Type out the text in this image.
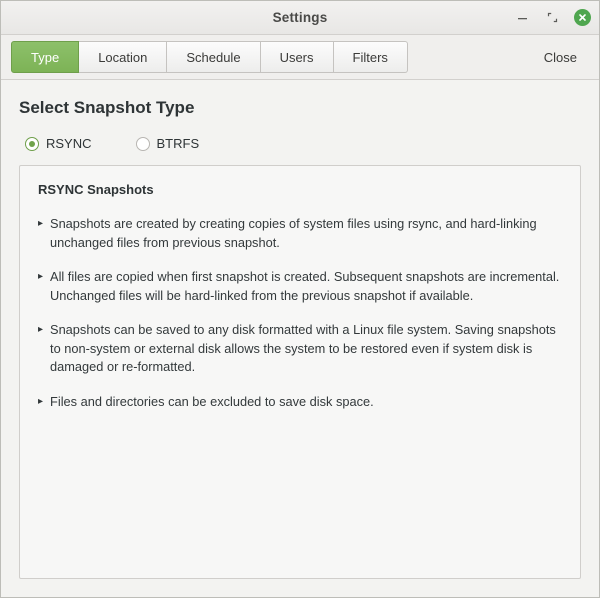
Settings
Type	Location	Schedule	Users	Filters	Close
Select Snapshot Type
RSYNC	BTRFS
RSYNC Snapshots
▸ Snapshots are created by creating copies of system files using rsync, and hard-linking unchanged files from previous snapshot.
▸ All files are copied when first snapshot is created. Subsequent snapshots are incremental. Unchanged files will be hard-linked from the previous snapshot if available.
▸ Snapshots can be saved to any disk formatted with a Linux file system. Saving snapshots to non-system or external disk allows the system to be restored even if system disk is damaged or re-formatted.
▸ Files and directories can be excluded to save disk space.
